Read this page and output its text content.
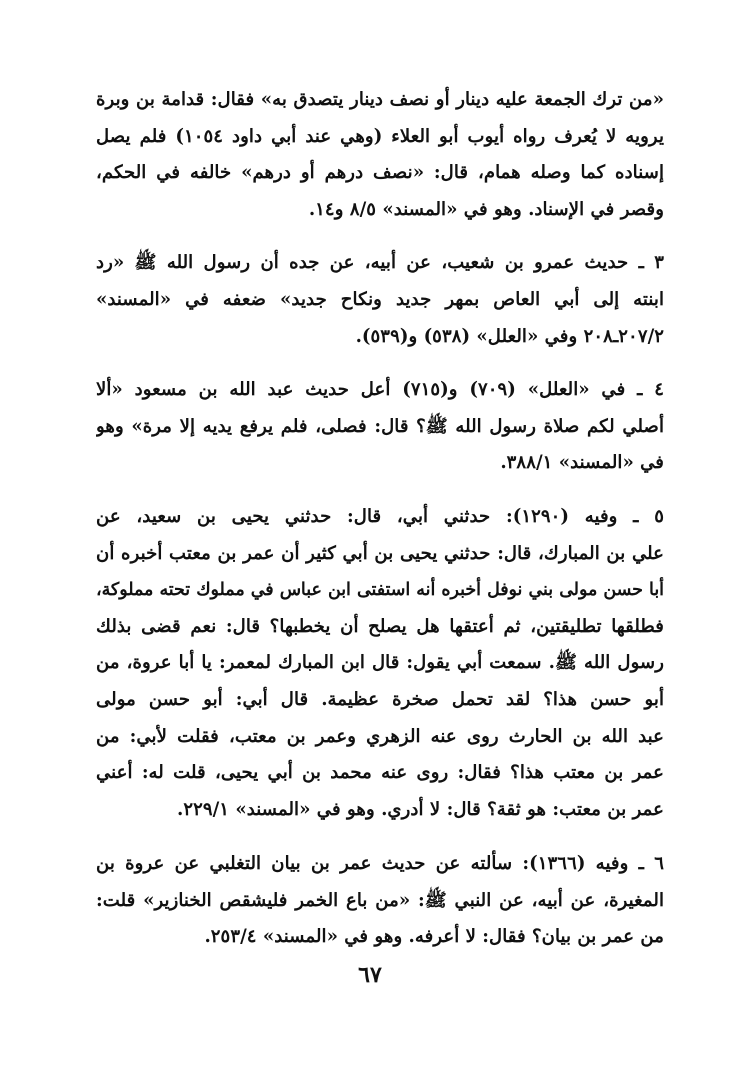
«من ترك الجمعة عليه دينار أو نصف دينار يتصدق به» فقال: قدامة بن وبرة
يرويه لا يُعرف رواه أيوب أبو العلاء (وهي عند أبي داود ١٠٥٤) فلم يصل
إسناده كما وصله همام، قال: «نصف درهم أو درهم» خالفه في الحكم،
وقصر في الإسناد. وهو في «المسند» ٨/٥ و١٤.
٣ ـ حديث عمرو بن شعيب، عن أبيه، عن جده أن رسول الله ﷺ «رد
ابنته إلى أبي العاص بمهر جديد ونكاح جديد» ضعفه في «المسند»
٢٠٧/٢ـ٢٠٨ وفي «العلل» (٥٣٨) و(٥٣٩).
٤ ـ في «العلل» (٧٠٩) و(٧١٥) أعل حديث عبد الله بن مسعود «ألا
أصلي لكم صلاة رسول الله ﷺ؟ قال: فصلى، فلم يرفع يديه إلا مرة» وهو
في «المسند» ٣٨٨/١.
٥ ـ وفيه (١٢٩٠): حدثني أبي، قال: حدثني يحيى بن سعيد، عن
علي بن المبارك، قال: حدثني يحيى بن أبي كثير أن عمر بن معتب أخبره أن
أبا حسن مولى بني نوفل أخبره أنه استفتى ابن عباس في مملوك تحته مملوكة،
فطلقها تطليقتين، ثم أعتقها هل يصلح أن يخطبها؟ قال: نعم قضى بذلك
رسول الله ﷺ. سمعت أبي يقول: قال ابن المبارك لمعمر: يا أبا عروة، من
أبو حسن هذا؟ لقد تحمل صخرة عظيمة. قال أبي: أبو حسن مولى
عبد الله بن الحارث روى عنه الزهري وعمر بن معتب، فقلت لأبي: من
عمر بن معتب هذا؟ فقال: روى عنه محمد بن أبي يحيى، قلت له: أعني
عمر بن معتب: هو ثقة؟ قال: لا أدري. وهو في «المسند» ٢٢٩/١.
٦ ـ وفيه (١٣٦٦): سألته عن حديث عمر بن بيان التغلبي عن عروة بن
المغيرة، عن أبيه، عن النبي ﷺ: «من باع الخمر فليشقص الخنازير» قلت:
من عمر بن بيان؟ فقال: لا أعرفه. وهو في «المسند» ٢٥٣/٤.
٦٧
